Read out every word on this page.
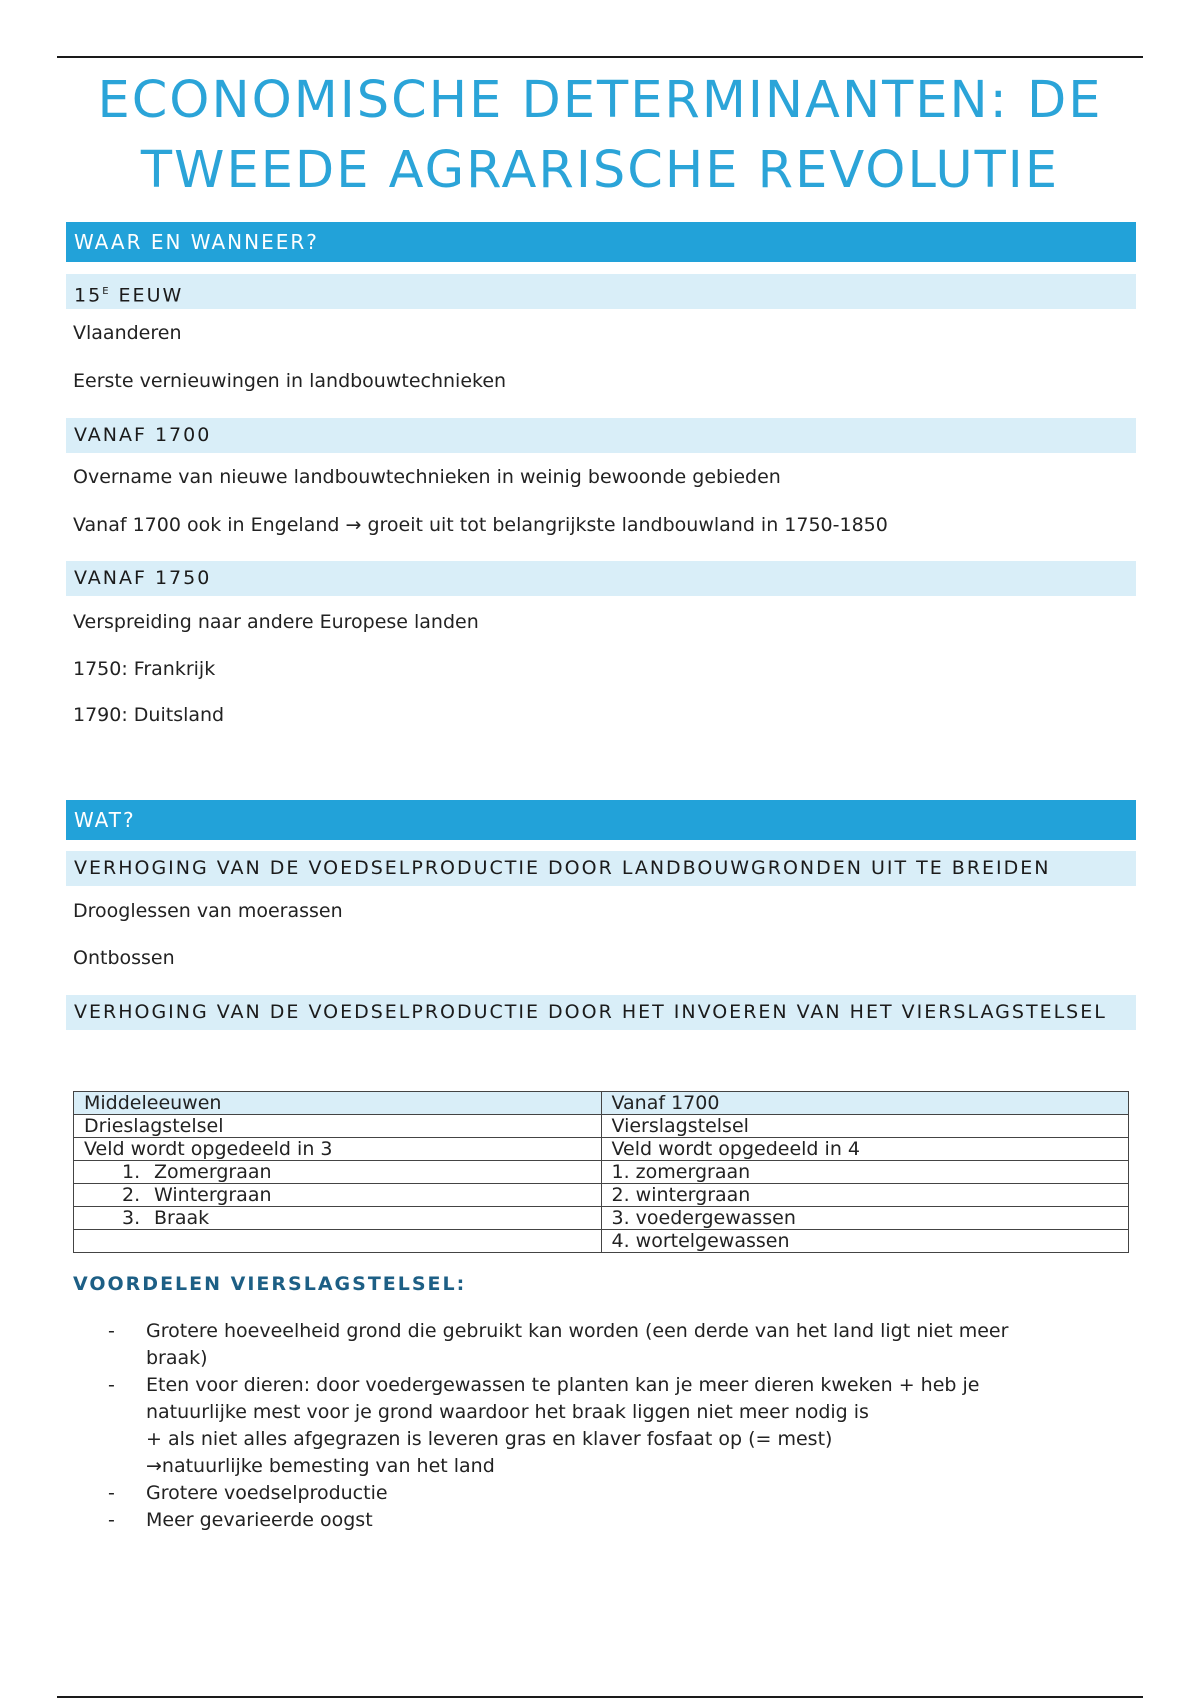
ECONOMISCHE DETERMINANTEN: DE TWEEDE AGRARISCHE REVOLUTIE
WAAR EN WANNEER?
$15^E$ EEUW
Vlaanderen
Eerste vernieuwingen in landbouwtechnieken
VANAF 1700
Overname van nieuwe landbouwtechnieken in weinig bewoonde gebieden
Vanaf 1700 ook in Engeland → groeit uit tot belangrijkste landbouwland in 1750-1850
VANAF 1750
Verspreiding naar andere Europese landen
1750: Frankrijk
1790: Duitsland
WAT?
VERHOGING VAN DE VOEDSELPRODUCTIE DOOR LANDBOUWGRONDEN UIT TE BREIDEN
Drooglessen van moerassen
Ontbossen
VERHOGING VAN DE VOEDSELPRODUCTIE DOOR HET INVOEREN VAN HET VIERSLAGSTELSEL
Middeleeuwen	Vanaf 1700
Drieslagstelsel	Vierslagstelsel
Veld wordt opgedeeld in 3	Veld wordt opgedeeld in 4
1. Zomergraan	1. zomergraan
2. Wintergraan	2. wintergraan
3. Braak	3. voedergewassen
	4. wortelgewassen
VOORDELEN VIERSLAGSTELSEL:
- Grotere hoeveelheid grond die gebruikt kan worden (een derde van het land ligt niet meer
braak)
- Eten voor dieren: door voedergewassen te planten kan je meer dieren kweken + heb je
natuurlijke mest voor je grond waardoor het braak liggen niet meer nodig is
+ als niet alles afgegrazen is leveren gras en klaver fosfaat op (= mest)
→natuurlijke bemesting van het land
- Grotere voedselproductie
- Meer gevarieerde oogst
